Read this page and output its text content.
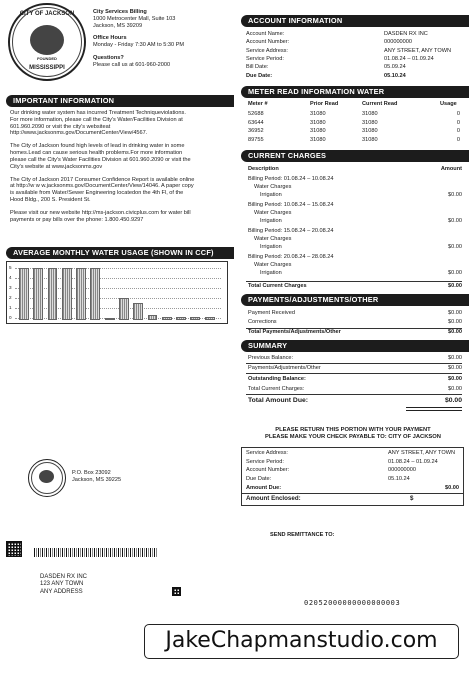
CITY OF JACKSON
FOUNDED
MISSISSIPPI
City Services Billing
1000 Metrocenter Mall, Suite 103
Jackson, MS 39209
Office Hours
Monday - Friday 7:30 AM to 5:30 PM
Questions?
Please call us at 601-960-2000
ACCOUNT INFORMATION
Account Name:	DASDEN RX INC
Account Number:	000000000
Service Address:	ANY STREET, ANY TOWN
Service Period:	01.08.24 – 01.09.24
Bill Date:	05.09.24
Due Date:	05.10.24
METER READ INFORMATION WATER
Meter #	Prior Read	Current Read	Usage
52688	31080	31080	0
63644	31080	31080	0
36952	31080	31080	0
89755	31080	31080	0
IMPORTANT INFORMATION
Our drinking water system has incurred Treatment Techniqueviolations.
For more information, please call the City's Water/Facilities Division at
601.960.2090 or visit the city's websiteat
http://www.jacksonms.gov/DocumentCenter/View/4567.
The City of Jackson found high levels of lead in drinking water in some
homes.Lead can cause serious health problems.For more information
please call the City's Water Facilities Division at 601.960.2090 or visit the
City's website at www.jacksonms.gov
The City of Jackson 2017 Consumer Confidence Report is available online
at http://w w w.jacksonms.gov/DocumentCenter/View/14046. A paper copy
is available from Water/Sewer Engineering locatedon the 4th Fl, of the
Hood Bldg., 200 S. President St.
Please visit our new website http://ms-jackson.civicplus.com for water bill
payments or pay bills over the phone: 1.800.450.9297
AVERAGE MONTHLY WATER USAGE (SHOWN IN CCF)
5
4
3
2
1
0
CURRENT CHARGES
Description	Amount
Billing Period: 01.08.24 – 10.08.24
Water Charges
Irrigation	$0.00
Billing Period: 10.08.24 – 15.08.24
Water Charges
Irrigation	$0.00
Billing Period: 15.08.24 – 20.08.24
Water Charges
Irrigation	$0.00
Billing Period: 20.08.24 – 28.08.24
Water Charges
Irrigation	$0.00
Total Current Charges	$0.00
PAYMENTS/ADJUSTMENTS/OTHER
Payment Received	$0.00
Corrections	$0.00
Total Payments/Adjustments/Other	$0.00
SUMMARY
Previous Balance:	$0.00
Payments/Adjustments/Other	$0.00
Outstanding Balance:	$0.00
Total Current Charges:	$0.00
Total Amount Due:	$0.00
PLEASE RETURN THIS PORTION WITH YOUR PAYMENT
PLEASE MAKE YOUR CHECK PAYABLE TO: CITY OF JACKSON
Service Address:	ANY STREET, ANY TOWN
Service Period:	01.08.24 – 01.09.24
Account Number:	000000000
Due Date:	05.10.24
Amount Due:	$0.00
Amount Enclosed:	$
P.O. Box 23092
Jackson, MS 39225
SEND REMITTANCE TO:
DASDEN RX INC
123 ANY TOWN
ANY ADDRESS
02052000000000000003
JakeChapmanstudio.com
